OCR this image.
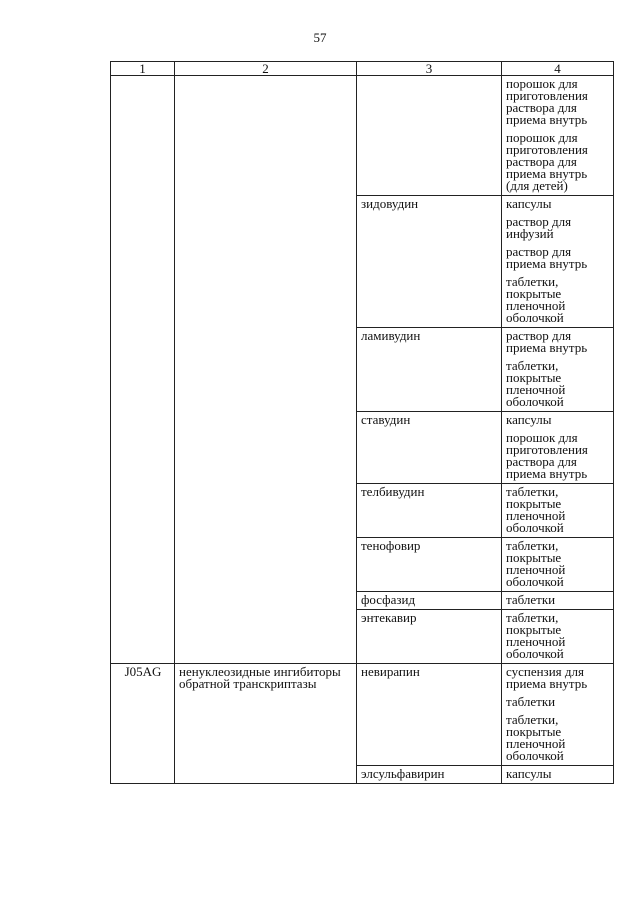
57
1	2	3	4

			порошок для приготовления раствора для приема внутрь
порошок для приготовления раствора для приема внутрь (для детей)

		зидовудин	капсулы
раствор для инфузий
раствор для приема внутрь
таблетки, покрытые пленочной оболочкой

		ламивудин	раствор для приема внутрь
таблетки, покрытые пленочной оболочкой

		ставудин	капсулы
порошок для приготовления раствора для приема внутрь

		телбивудин	таблетки, покрытые пленочной оболочкой

		тенофовир	таблетки, покрытые пленочной оболочкой

		фосфазид	таблетки

		энтекавир	таблетки, покрытые пленочной оболочкой

J05AG	ненуклеозидные ингибиторы обратной транскриптазы	невирапин	суспензия для приема внутрь
таблетки
таблетки, покрытые пленочной оболочкой

		элсульфавирин	капсулы
